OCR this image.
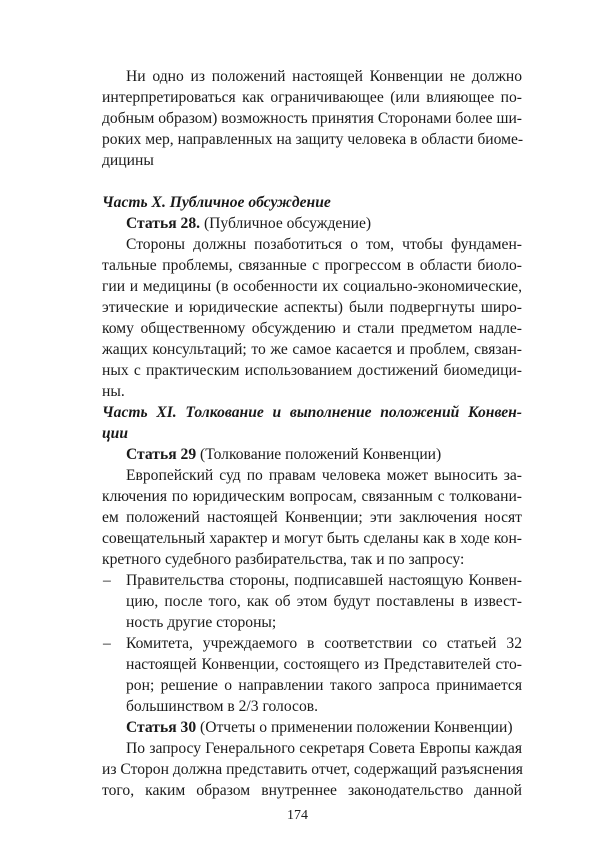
Ни одно из положений настоящей Конвенции не должно
интерпретироваться как ограничивающее (или влияющее по-
добным образом) возможность принятия Сторонами более ши-
роких мер, направленных на защиту человека в области биоме-
дицины
Часть X. Публичное обсуждение
Статья 28. (Публичное обсуждение)
Стороны должны позаботиться о том, чтобы фундамен-
тальные проблемы, связанные с прогрессом в области биоло-
гии и медицины (в особенности их социально-экономические,
этические и юридические аспекты) были подвергнуты широ-
кому общественному обсуждению и стали предметом надле-
жащих консультаций; то же самое касается и проблем, связан-
ных с практическим использованием достижений биомедици-
ны.
Часть XI. Толкование и выполнение положений Конвен-
ции
Статья 29 (Толкование положений Конвенции)
Европейский суд по правам человека может выносить за-
ключения по юридическим вопросам, связанным с толковани-
ем положений настоящей Конвенции; эти заключения носят
совещательный характер и могут быть сделаны как в ходе кон-
кретного судебного разбирательства, так и по запросу:
– Правительства стороны, подписавшей настоящую Конвен-
цию, после того, как об этом будут поставлены в извест-
ность другие стороны;
– Комитета, учреждаемого в соответствии со статьей 32
настоящей Конвенции, состоящего из Представителей сто-
рон; решение о направлении такого запроса принимается
большинством в 2/3 голосов.
Статья 30 (Отчеты о применении положении Конвенции)
По запросу Генерального секретаря Совета Европы каждая
из Сторон должна представить отчет, содержащий разъяснения
того, каким образом внутреннее законодательство данной
174
